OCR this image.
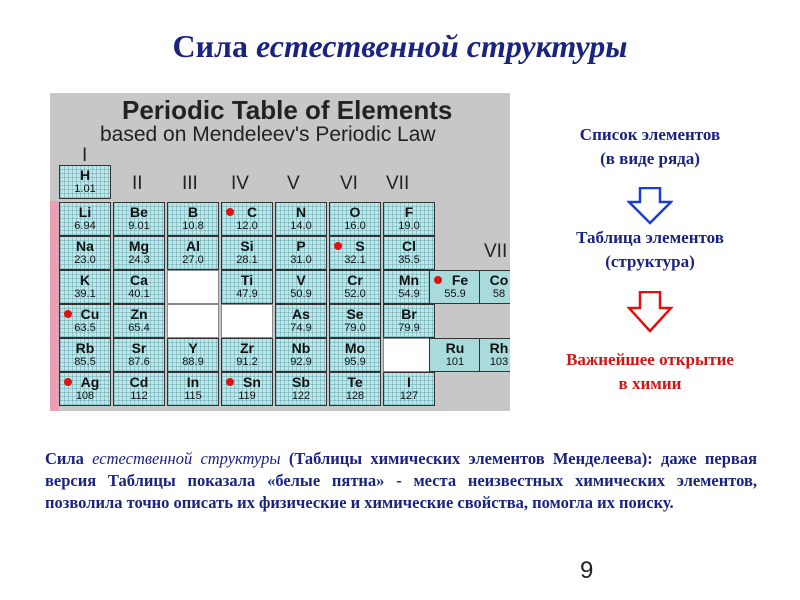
Сила естественной структуры
Periodic Table of Elements
based on Mendeleev's Periodic Law
H
1.01
Li
6.94
Be
9.01
B
10.8
C
12.0
N
14.0
O
16.0
F
19.0
Na
23.0
Mg
24.3
Al
27.0
Si
28.1
P
31.0
S
32.1
Cl
35.5
K
39.1
Ca
40.1
Ti
47.9
V
50.9
Cr
52.0
Mn
54.9
Fe
55.9
Co
58
Cu
63.5
Zn
65.4
As
74.9
Se
79.0
Br
79.9
Rb
85.5
Sr
87.6
Y
88.9
Zr
91.2
Nb
92.9
Mo
95.9
Ru
101
Rh
103
Ag
108
Cd
112
In
115
Sn
119
Sb
122
Te
128
I
127
I
II III IV V VI VII
VII
Список элементов
(в виде ряда)
Таблица элементов
(структура)
Важнейшее открытие
в химии
Сила естественной структуры (Таблицы химических элементов Менделеева): даже первая версия Таблицы показала «белые пятна» - места неизвестных химических элементов, позволила точно описать их физические и химические свойства, помогла их поиску.
9
